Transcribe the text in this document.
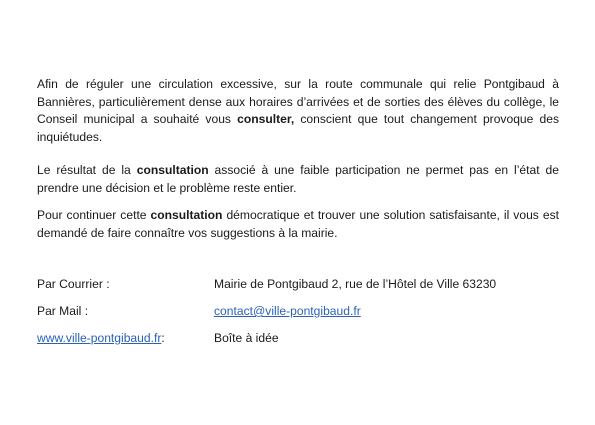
Afin de réguler une circulation excessive, sur la route communale qui relie Pontgibaud à Bannières, particulièrement dense aux horaires d’arrivées et de sorties des élèves du collège, le Conseil municipal a souhaité vous consulter, conscient que tout changement provoque des inquiétudes.

Le résultat de la consultation associé à une faible participation ne permet pas en l’état de prendre une décision et le problème reste entier.

Pour continuer cette consultation démocratique et trouver une solution satisfaisante, il vous est demandé de faire connaître vos suggestions à la mairie.

Par Courrier :	Mairie de Pontgibaud 2, rue de l’Hôtel de Ville 63230
Par Mail :	contact@ville-pontgibaud.fr
www.ville-pontgibaud.fr:	Boîte à idée
